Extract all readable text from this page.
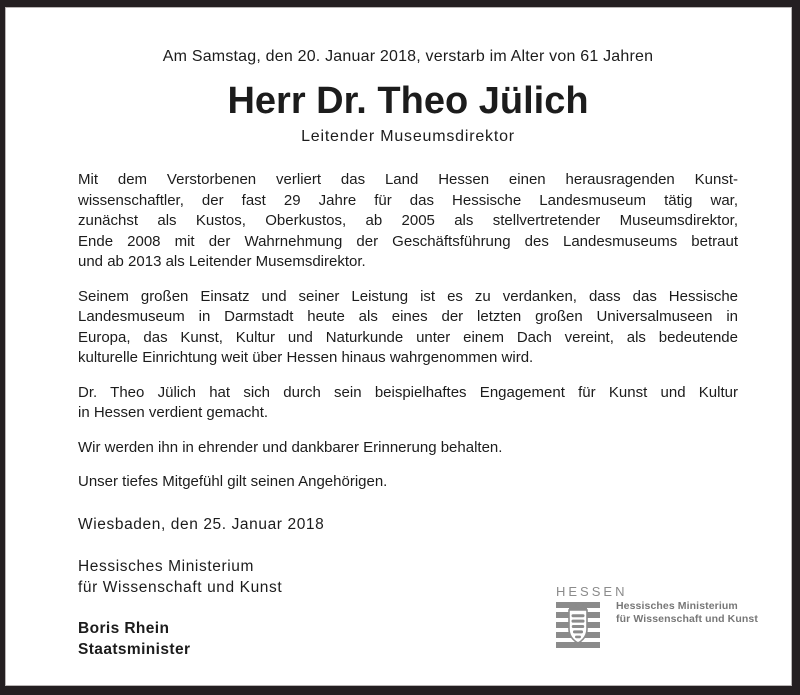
Am Samstag, den 20. Januar 2018, verstarb im Alter von 61 Jahren
Herr Dr. Theo Jülich
Leitender Museumsdirektor
Mit dem Verstorbenen verliert das Land Hessen einen herausragenden Kunst-
wissenschaftler, der fast 29 Jahre für das Hessische Landesmuseum tätig war,
zunächst als Kustos, Oberkustos, ab 2005 als stellvertretender Museumsdirektor,
Ende 2008 mit der Wahrnehmung der Geschäftsführung des Landesmuseums betraut
und ab 2013 als Leitender Musemsdirektor.
Seinem großen Einsatz und seiner Leistung ist es zu verdanken, dass das Hessische
Landesmuseum in Darmstadt heute als eines der letzten großen Universalmuseen in
Europa, das Kunst, Kultur und Naturkunde unter einem Dach vereint, als bedeutende
kulturelle Einrichtung weit über Hessen hinaus wahrgenommen wird.
Dr. Theo Jülich hat sich durch sein beispielhaftes Engagement für Kunst und Kultur
in Hessen verdient gemacht.
Wir werden ihn in ehrender und dankbarer Erinnerung behalten.
Unser tiefes Mitgefühl gilt seinen Angehörigen.
Wiesbaden, den 25. Januar 2018
Hessisches Ministerium
für Wissenschaft und Kunst
Boris Rhein
Staatsminister
HESSEN
Hessisches Ministerium
für Wissenschaft und Kunst
